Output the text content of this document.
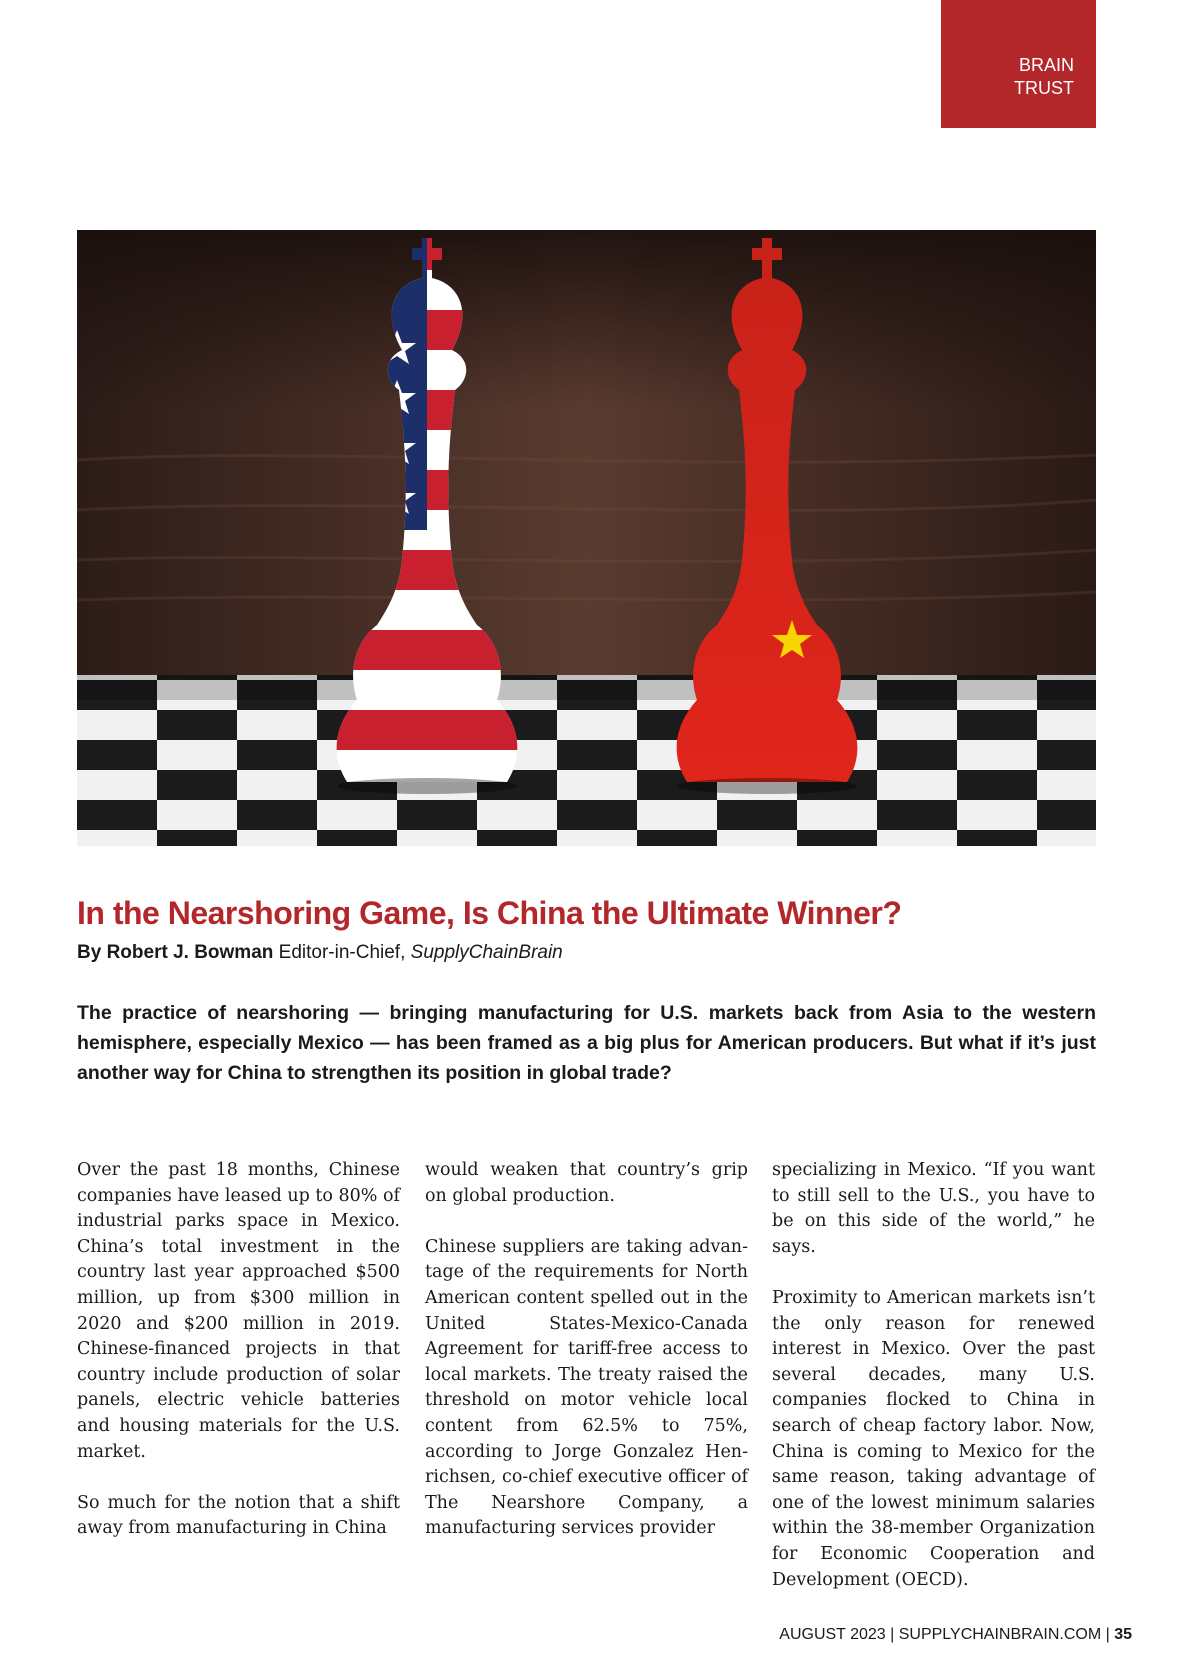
BRAIN
TRUST
In the Nearshoring Game, Is China the Ultimate Winner?
By Robert J. Bowman Editor-in-Chief, SupplyChainBrain

The practice of nearshoring — bringing manufacturing for U.S. markets back from Asia to the western hemisphere, especially Mexico — has been framed as a big plus for American producers. But what if it’s just another way for China to strengthen its position in global trade?

Over the past 18 months, Chinese companies have leased up to 80% of industrial parks space in Mexico. China’s total investment in the country last year approached $500 million, up from $300 million in 2020 and $200 million in 2019. Chinese-financed projects in that country include production of solar panels, electric vehicle batteries and housing materials for the U.S. market.

So much for the notion that a shift away from manufacturing in China

would weaken that country’s grip on global production.

Chinese suppliers are taking advantage of the requirements for North American content spelled out in the United States-Mexico-Canada Agreement for tariff-free access to local markets. The treaty raised the threshold on motor vehicle local content from 62.5% to 75%, according to Jorge Gonzalez Henrichsen, co-chief executive officer of The Nearshore Company, a manufacturing services provider

specializing in Mexico. “If you want to still sell to the U.S., you have to be on this side of the world,” he says.

Proximity to American markets isn’t the only reason for renewed interest in Mexico. Over the past several decades, many U.S. companies flocked to China in search of cheap factory labor. Now, China is coming to Mexico for the same reason, taking advantage of one of the lowest minimum salaries within the 38-member Organization for Economic Cooperation and Development (OECD).

AUGUST 2023 | SUPPLYCHAINBRAIN.COM | 35
